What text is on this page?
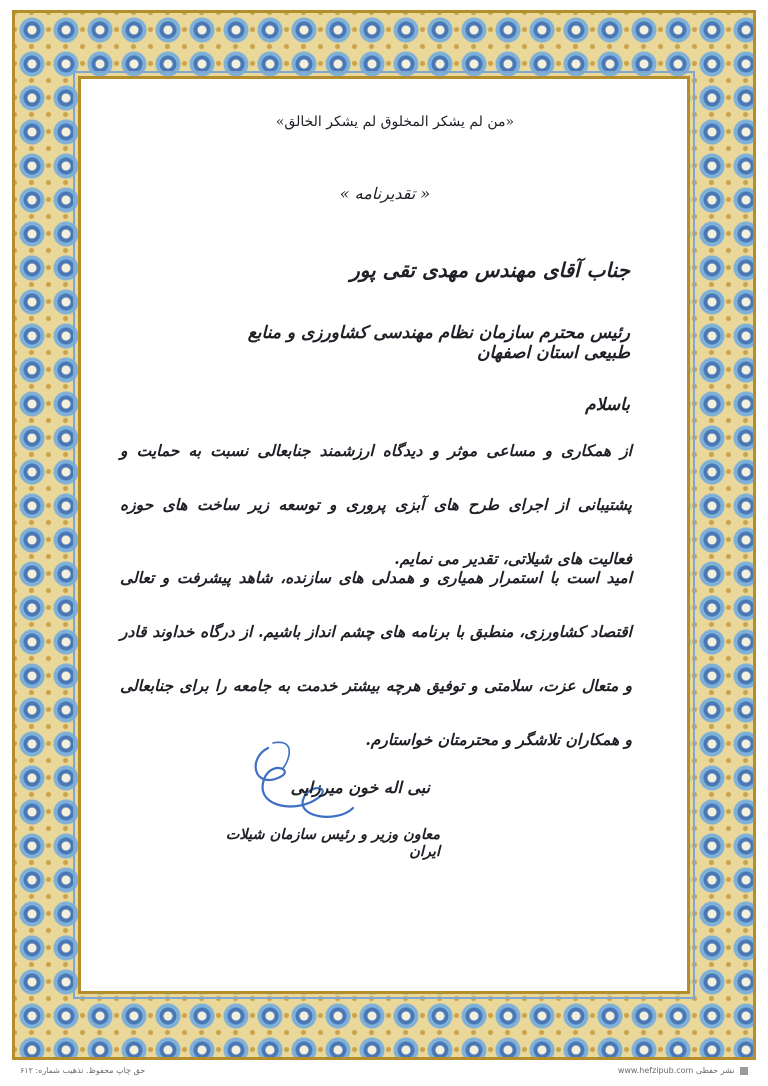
«من لم يشكر المخلوق لم يشكر الخالق»
« تقدیرنامه »
جناب آقای مهندس مهدی تقی پور
رئیس محترم سازمان نظام مهندسی کشاورزی و منابع طبیعی استان اصفهان
باسلام
از همکاری و مساعی موثر و دیدگاه ارزشمند جنابعالی نسبت به حمایت و پشتیبانی از اجرای طرح های آبزی پروری و توسعه زیر ساخت های حوزه فعالیت های شیلاتی، تقدیر می نمایم.
امید است با استمرار همیاری و همدلی های سازنده، شاهد پیشرفت و تعالی اقتصاد کشاورزی، منطبق با برنامه های چشم انداز باشیم. از درگاه خداوند قادر و متعال عزت، سلامتی و توفیق هرچه بیشتر خدمت به جامعه را برای جنابعالی و همکاران تلاشگر و محترمتان خواستارم.
نبی اله خون میرزایی
معاون وزیر و رئیس سازمان شیلات ایران
حق چاپ محفوظ. تذهیب شماره: ۶۱۲	www.hefzipub.com نشر حفظی
